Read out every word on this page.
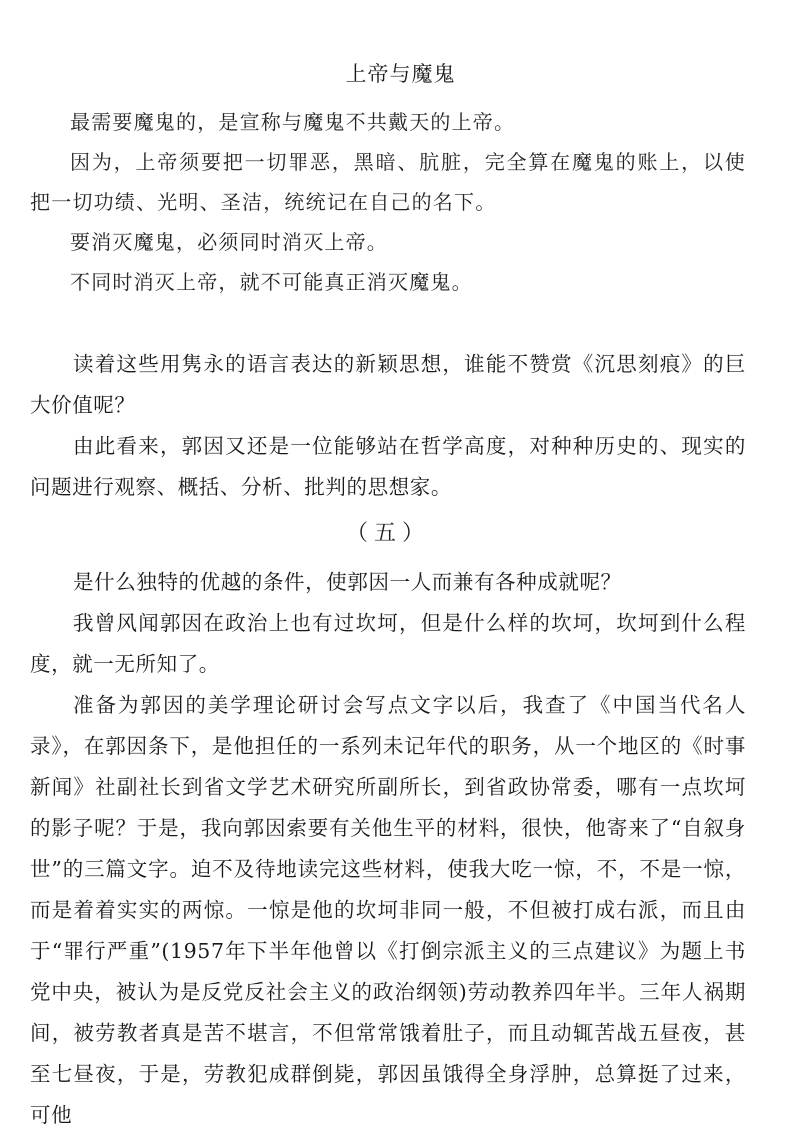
上帝与魔鬼

最需要魔鬼的，是宣称与魔鬼不共戴天的上帝。

因为，上帝须要把一切罪恶，黑暗、肮脏，完全算在魔鬼的账上，以使把一切功绩、光明、圣洁，统统记在自己的名下。

要消灭魔鬼，必须同时消灭上帝。

不同时消灭上帝，就不可能真正消灭魔鬼。

读着这些用隽永的语言表达的新颖思想，谁能不赞赏《沉思刻痕》的巨大价值呢？

由此看来，郭因又还是一位能够站在哲学高度，对种种历史的、现实的问题进行观察、概括、分析、批判的思想家。

（五）

是什么独特的优越的条件，使郭因一人而兼有各种成就呢？

我曾风闻郭因在政治上也有过坎坷，但是什么样的坎坷，坎坷到什么程度，就一无所知了。

准备为郭因的美学理论研讨会写点文字以后，我查了《中国当代名人录》，在郭因条下，是他担任的一系列未记年代的职务，从一个地区的《时事新闻》社副社长到省文学艺术研究所副所长，到省政协常委，哪有一点坎坷的影子呢？于是，我向郭因索要有关他生平的材料，很快，他寄来了“自叙身世”的三篇文字。迫不及待地读完这些材料，使我大吃一惊，不，不是一惊，而是着着实实的两惊。一惊是他的坎坷非同一般，不但被打成右派，而且由于“罪行严重”(1957年下半年他曾以《打倒宗派主义的三点建议》为题上书党中央，被认为是反党反社会主义的政治纲领)劳动教养四年半。三年人祸期间，被劳教者真是苦不堪言，不但常常饿着肚子，而且动辄苦战五昼夜，甚至七昼夜，于是，劳教犯成群倒毙，郭因虽饿得全身浮肿，总算挺了过来，可他
